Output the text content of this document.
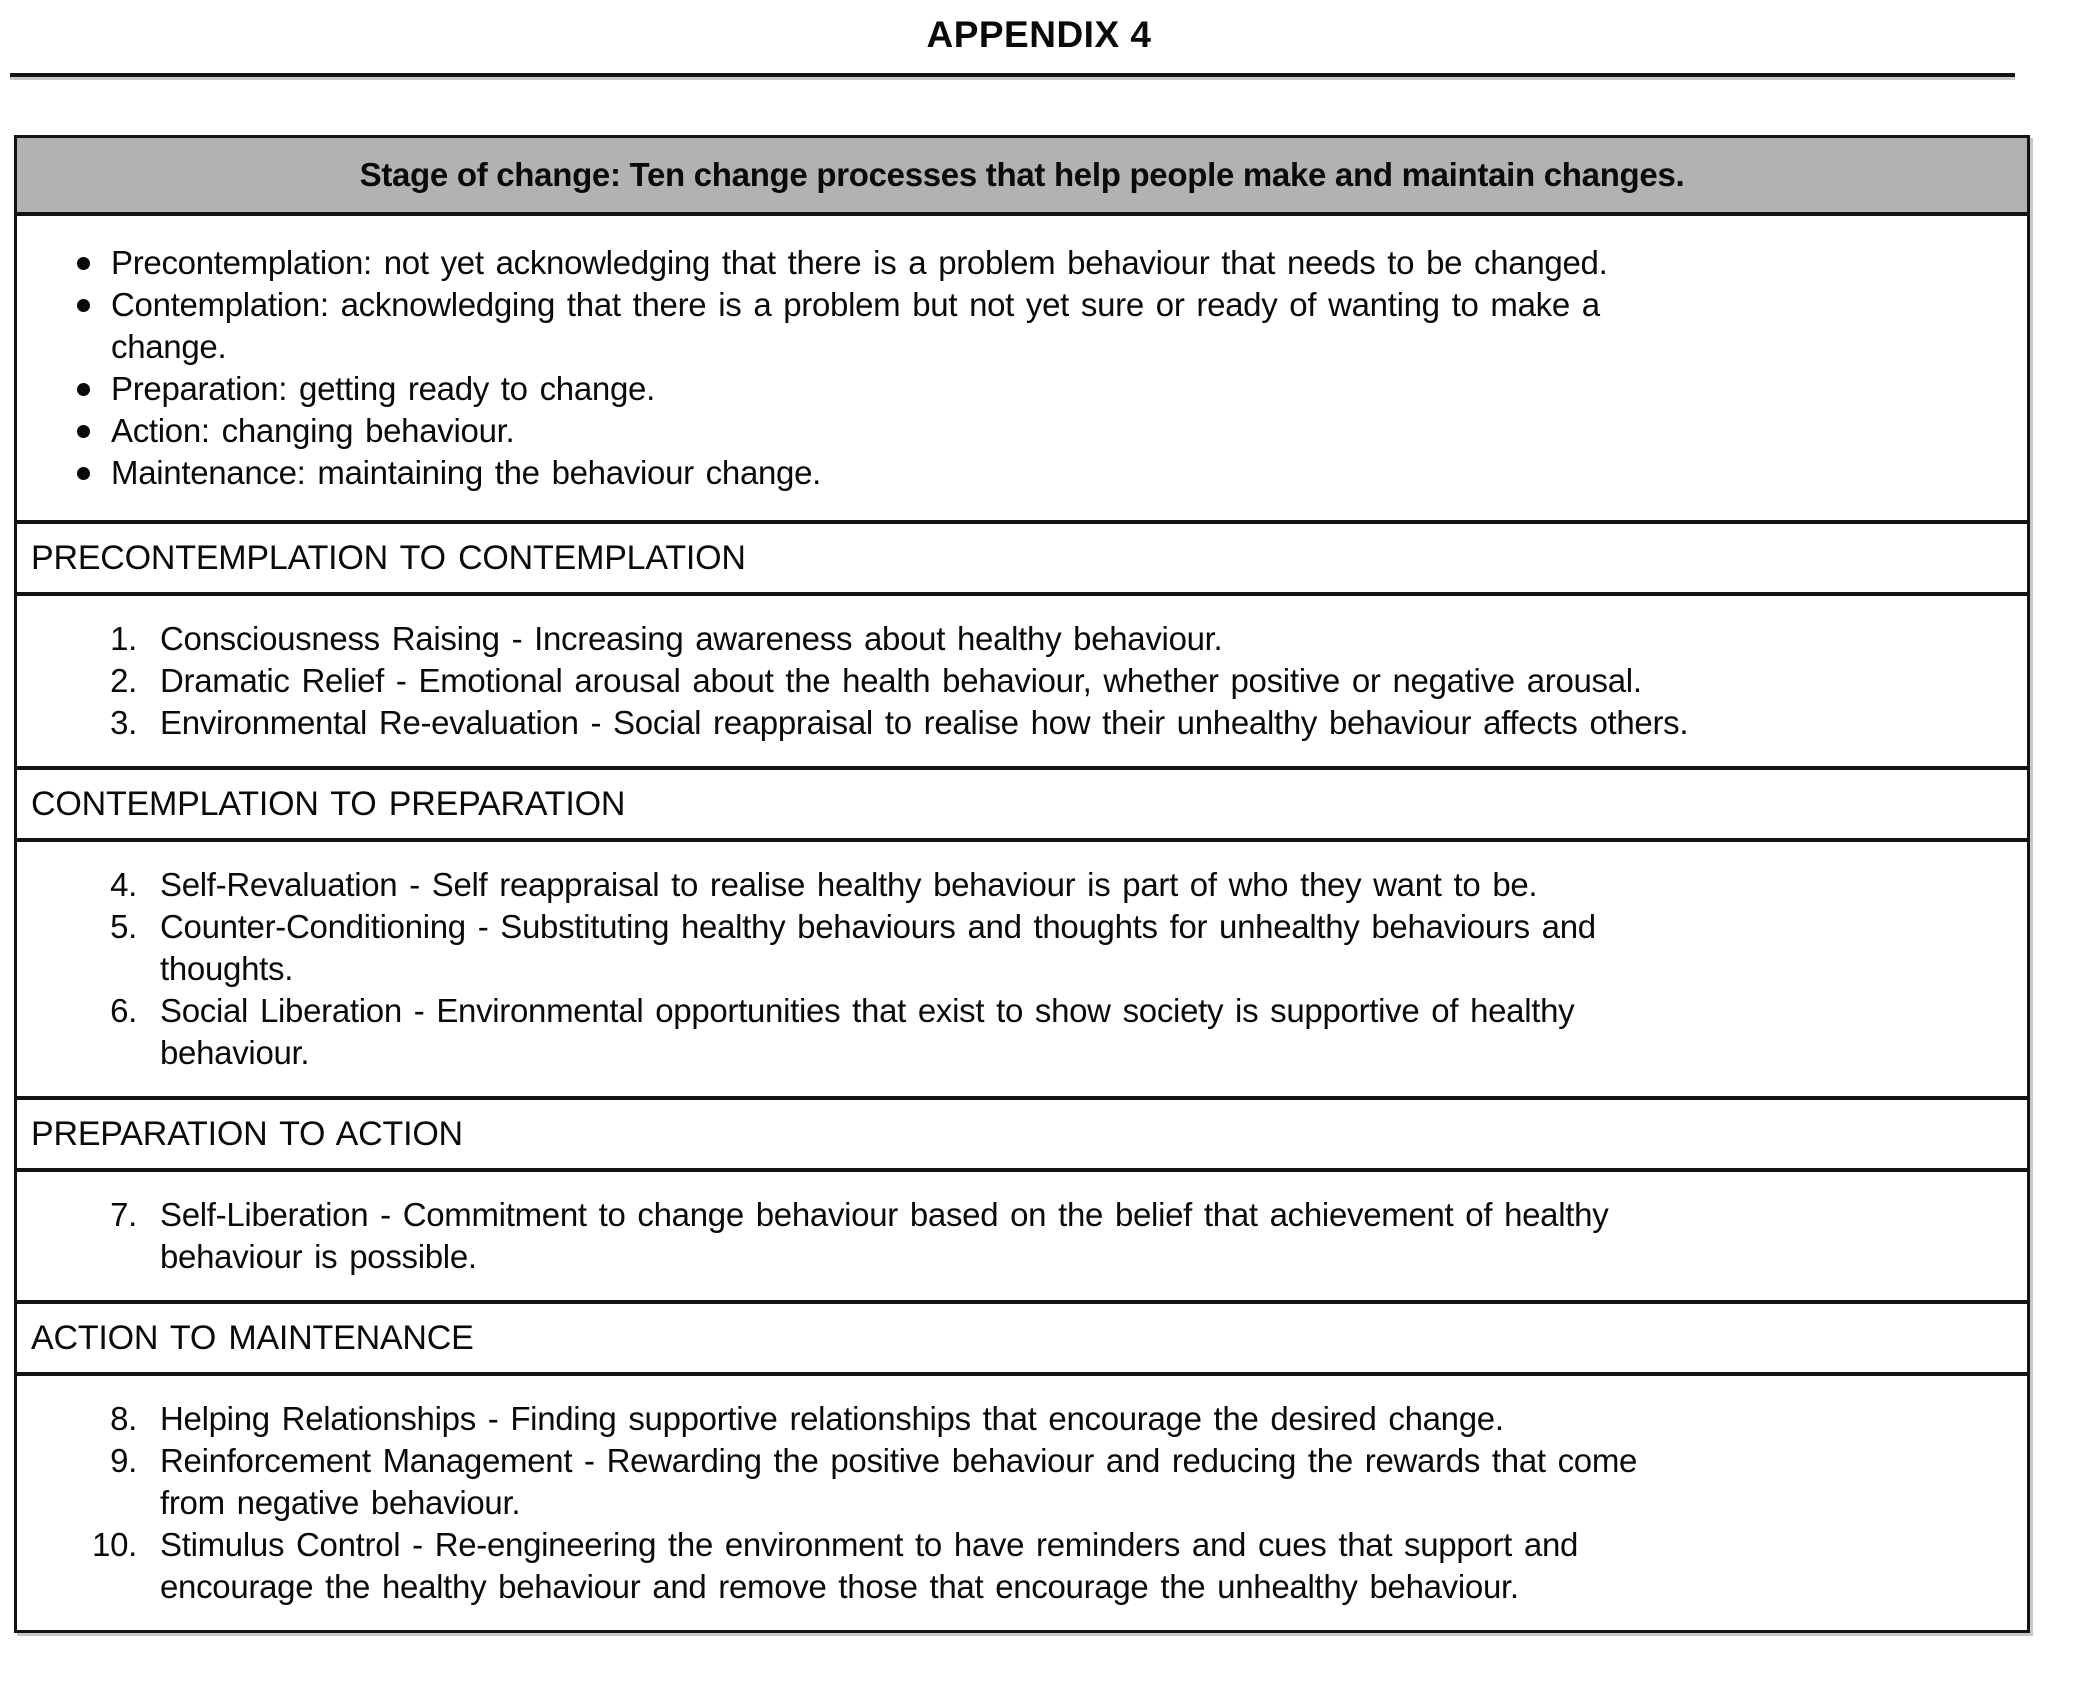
APPENDIX 4
Stage of change: Ten change processes that help people make and maintain changes.
Precontemplation: not yet acknowledging that there is a problem behaviour that needs to be changed.
Contemplation: acknowledging that there is a problem but not yet sure or ready of wanting to make a
change.
Preparation: getting ready to change.
Action: changing behaviour.
Maintenance: maintaining the behaviour change.
PRECONTEMPLATION TO CONTEMPLATION
1. Consciousness Raising - Increasing awareness about healthy behaviour.
2. Dramatic Relief - Emotional arousal about the health behaviour, whether positive or negative arousal.
3. Environmental Re-evaluation - Social reappraisal to realise how their unhealthy behaviour affects others.
CONTEMPLATION TO PREPARATION
4. Self-Revaluation - Self reappraisal to realise healthy behaviour is part of who they want to be.
5. Counter-Conditioning - Substituting healthy behaviours and thoughts for unhealthy behaviours and
thoughts.
6. Social Liberation - Environmental opportunities that exist to show society is supportive of healthy
behaviour.
PREPARATION TO ACTION
7. Self-Liberation - Commitment to change behaviour based on the belief that achievement of healthy
behaviour is possible.
ACTION TO MAINTENANCE
8. Helping Relationships - Finding supportive relationships that encourage the desired change.
9. Reinforcement Management - Rewarding the positive behaviour and reducing the rewards that come
from negative behaviour.
10. Stimulus Control - Re-engineering the environment to have reminders and cues that support and
encourage the healthy behaviour and remove those that encourage the unhealthy behaviour.
